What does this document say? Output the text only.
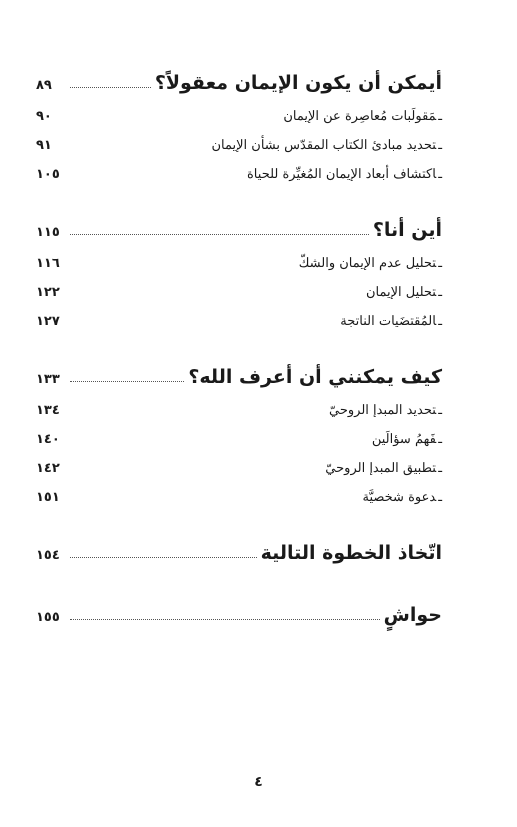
أيمكن أن يكون الإيمان معقولاً؟
٨٩
ـمَقولَبات مُعاصِرة عن الإيمان
٩٠
ـتحديد مبادئ الكتاب المقدّس بشأن الإيمان
٩١
ـاكتشاف أبعاد الإيمان المُغيِّرة للحياة
١٠٥
أين أنا؟
١١٥
ـتحليل عدم الإيمان والشكّ
١١٦
ـتحليل الإيمان
١٢٢
ـالمُقتضَيات الناتجة
١٢٧
كيف يمكنني أن أعرف الله؟
١٣٣
ـتحديد المبدإ الروحيّ
١٣٤
ـفَهمُ سؤالَين
١٤٠
ـتطبيق المبدإ الروحيّ
١٤٢
ـدعوة شخصيَّة
١٥١
اتّخاذ الخطوة التالية
١٥٤
حواشٍ
١٥٥
٤
